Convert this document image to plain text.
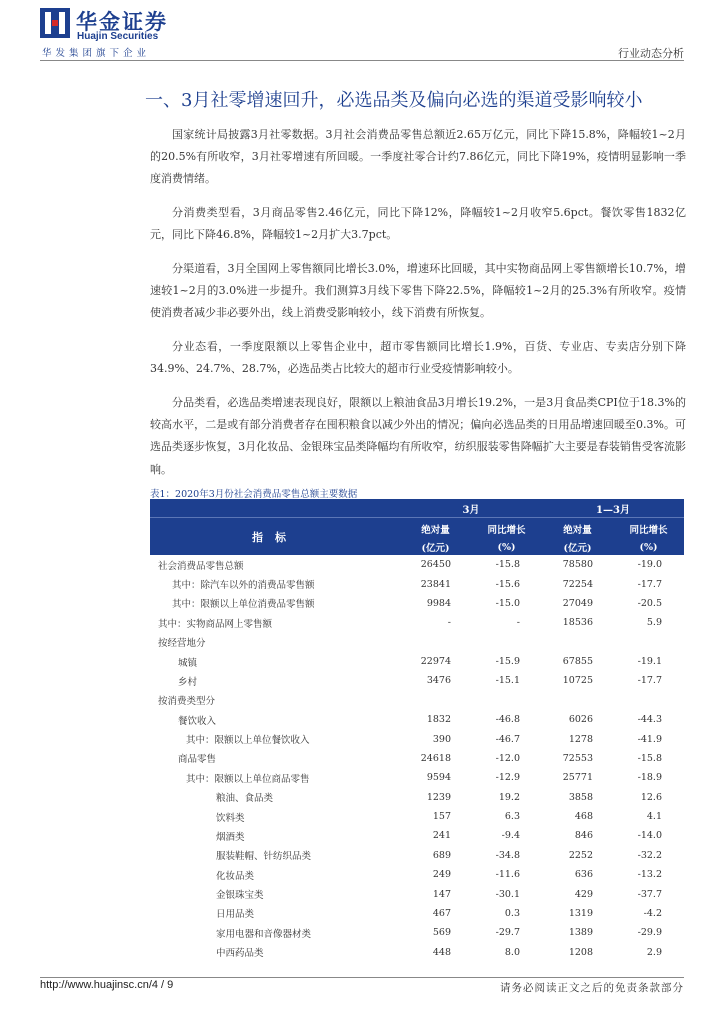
华金证券
Huajin Securities
华发集团旗下企业	行业动态分析
一、3月社零增速回升，必选品类及偏向必选的渠道受影响较小

国家统计局披露3月社零数据。3月社会消费品零售总额近2.65万亿元，同比下降15.8%，降幅较1~2月的20.5%有所收窄，3月社零增速有所回暖。一季度社零合计约7.86亿元，同比下降19%，疫情明显影响一季度消费情绪。

分消费类型看，3月商品零售2.46亿元，同比下降12%，降幅较1~2月收窄5.6pct。餐饮零售1832亿元，同比下降46.8%，降幅较1~2月扩大3.7pct。

分渠道看，3月全国网上零售额同比增长3.0%，增速环比回暖，其中实物商品网上零售额增长10.7%，增速较1~2月的3.0%进一步提升。我们测算3月线下零售下降22.5%，降幅较1~2月的25.3%有所收窄。疫情使消费者减少非必要外出，线上消费受影响较小，线下消费有所恢复。

分业态看，一季度限额以上零售企业中，超市零售额同比增长1.9%，百货、专业店、专卖店分别下降34.9%、24.7%、28.7%，必选品类占比较大的超市行业受疫情影响较小。

分品类看，必选品类增速表现良好，限额以上粮油食品3月增长19.2%，一是3月食品类CPI位于18.3%的较高水平，二是或有部分消费者存在囤积粮食以减少外出的情况；偏向必选品类的日用品增速回暖至0.3%。可选品类逐步恢复，3月化妆品、金银珠宝品类降幅均有所收窄，纺织服装零售降幅扩大主要是春装销售受客流影响。

表1：2020年3月份社会消费品零售总额主要数据
	3月		1—3月	
指标	绝对量	同比增长	绝对量	同比增长
	(亿元)	(%)	(亿元)	(%)
社会消费品零售总额	26450	-15.8	78580	-19.0
其中：除汽车以外的消费品零售额	23841	-15.6	72254	-17.7
其中：限额以上单位消费品零售额	9984	-15.0	27049	-20.5
其中：实物商品网上零售额	-	-	18536	5.9
按经营地分				
城镇	22974	-15.9	67855	-19.1
乡村	3476	-15.1	10725	-17.7
按消费类型分				
餐饮收入	1832	-46.8	6026	-44.3
其中：限额以上单位餐饮收入	390	-46.7	1278	-41.9
商品零售	24618	-12.0	72553	-15.8
其中：限额以上单位商品零售	9594	-12.9	25771	-18.9
粮油、食品类	1239	19.2	3858	12.6
饮料类	157	6.3	468	4.1
烟酒类	241	-9.4	846	-14.0
服装鞋帽、针纺织品类	689	-34.8	2252	-32.2
化妆品类	249	-11.6	636	-13.2
金银珠宝类	147	-30.1	429	-37.7
日用品类	467	0.3	1319	-4.2
家用电器和音像器材类	569	-29.7	1389	-29.9
中西药品类	448	8.0	1208	2.9
http://www.huajinsc.cn/4 / 9	请务必阅读正文之后的免责条款部分
